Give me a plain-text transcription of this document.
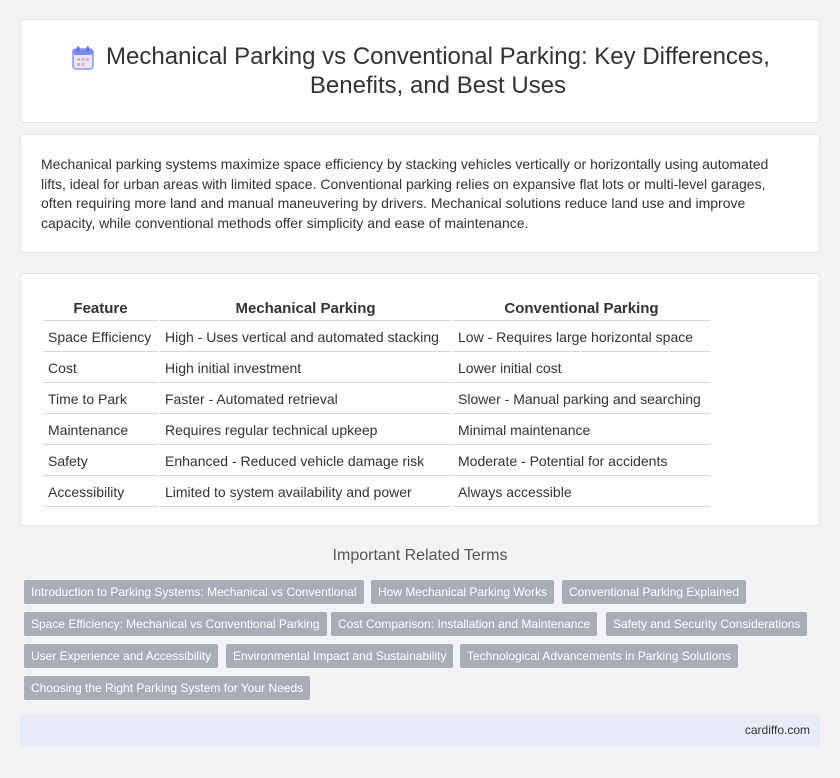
Mechanical Parking vs Conventional Parking: Key Differences, Benefits, and Best Uses

Mechanical parking systems maximize space efficiency by stacking vehicles vertically or horizontally using automated lifts, ideal for urban areas with limited space. Conventional parking relies on expansive flat lots or multi-level garages, often requiring more land and manual maneuvering by drivers. Mechanical solutions reduce land use and improve capacity, while conventional methods offer simplicity and ease of maintenance.

Feature	Mechanical Parking	Conventional Parking
Space Efficiency	High - Uses vertical and automated stacking	Low - Requires large horizontal space
Cost	High initial investment	Lower initial cost
Time to Park	Faster - Automated retrieval	Slower - Manual parking and searching
Maintenance	Requires regular technical upkeep	Minimal maintenance
Safety	Enhanced - Reduced vehicle damage risk	Moderate - Potential for accidents
Accessibility	Limited to system availability and power	Always accessible
Important Related Terms
Introduction to Parking Systems: Mechanical vs Conventional	How Mechanical Parking Works	Conventional Parking Explained
Space Efficiency: Mechanical vs Conventional Parking	Cost Comparison: Installation and Maintenance	Safety and Security Considerations
User Experience and Accessibility	Environmental Impact and Sustainability	Technological Advancements in Parking Solutions
Choosing the Right Parking System for Your Needs
cardiffo.com
